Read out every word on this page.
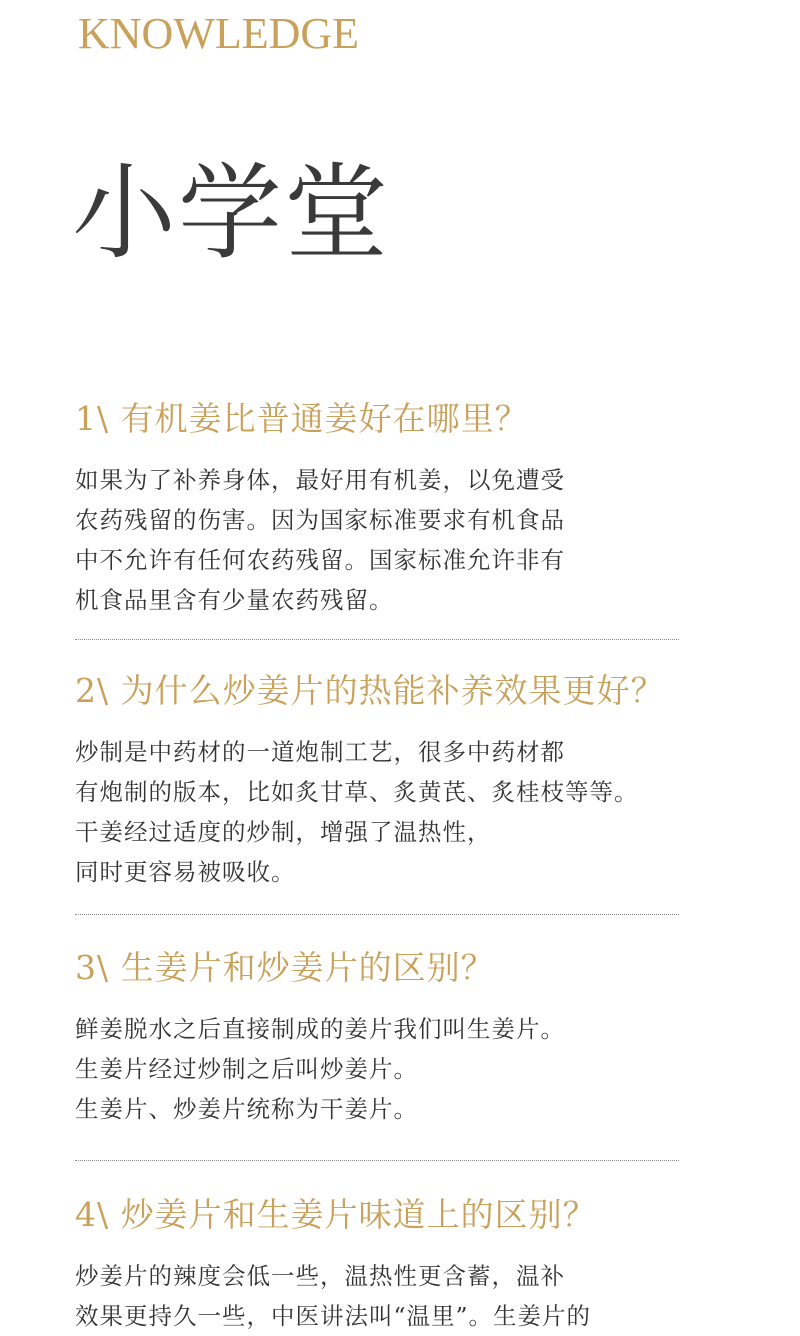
KNOWLEDGE
小学堂
1\ 有机姜比普通姜好在哪里？
如果为了补养身体，最好用有机姜，以免遭受
农药残留的伤害。因为国家标准要求有机食品
中不允许有任何农药残留。国家标准允许非有
机食品里含有少量农药残留。
2\ 为什么炒姜片的热能补养效果更好？
炒制是中药材的一道炮制工艺，很多中药材都
有炮制的版本，比如炙甘草、炙黄芪、炙桂枝等等。
干姜经过适度的炒制，增强了温热性，
同时更容易被吸收。
3\ 生姜片和炒姜片的区别？
鲜姜脱水之后直接制成的姜片我们叫生姜片。
生姜片经过炒制之后叫炒姜片。
生姜片、炒姜片统称为干姜片。
4\ 炒姜片和生姜片味道上的区别？
炒姜片的辣度会低一些，温热性更含蓄，温补
效果更持久一些，中医讲法叫“温里”。生姜片的
